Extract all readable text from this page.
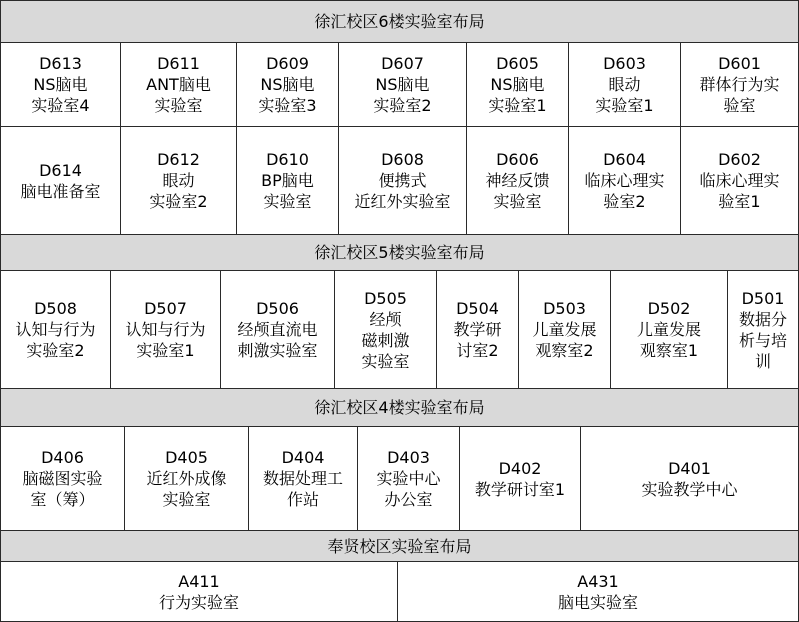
徐汇校区6楼实验室布局
D613
NS脑电
实验室4
D611
ANT脑电
实验室
D609
NS脑电
实验室3
D607
NS脑电
实验室2
D605
NS脑电
实验室1
D603
眼动
实验室1
D601
群体行为实
验室
D614
脑电准备室
D612
眼动
实验室2
D610
BP脑电
实验室
D608
便携式
近红外实验室
D606
神经反馈
实验室
D604
临床心理实
验室2
D602
临床心理实
验室1
徐汇校区5楼实验室布局
D508
认知与行为
实验室2
D507
认知与行为
实验室1
D506
经颅直流电
刺激实验室
D505
经颅
磁刺激
实验室
D504
教学研
讨室2
D503
儿童发展
观察室2
D502
儿童发展
观察室1
D501
数据分
析与培
训
徐汇校区4楼实验室布局
D406
脑磁图实验
室（筹）
D405
近红外成像
实验室
D404
数据处理工
作站
D403
实验中心
办公室
D402
教学研讨室1
D401
实验教学中心
奉贤校区实验室布局
A411
行为实验室
A431
脑电实验室
